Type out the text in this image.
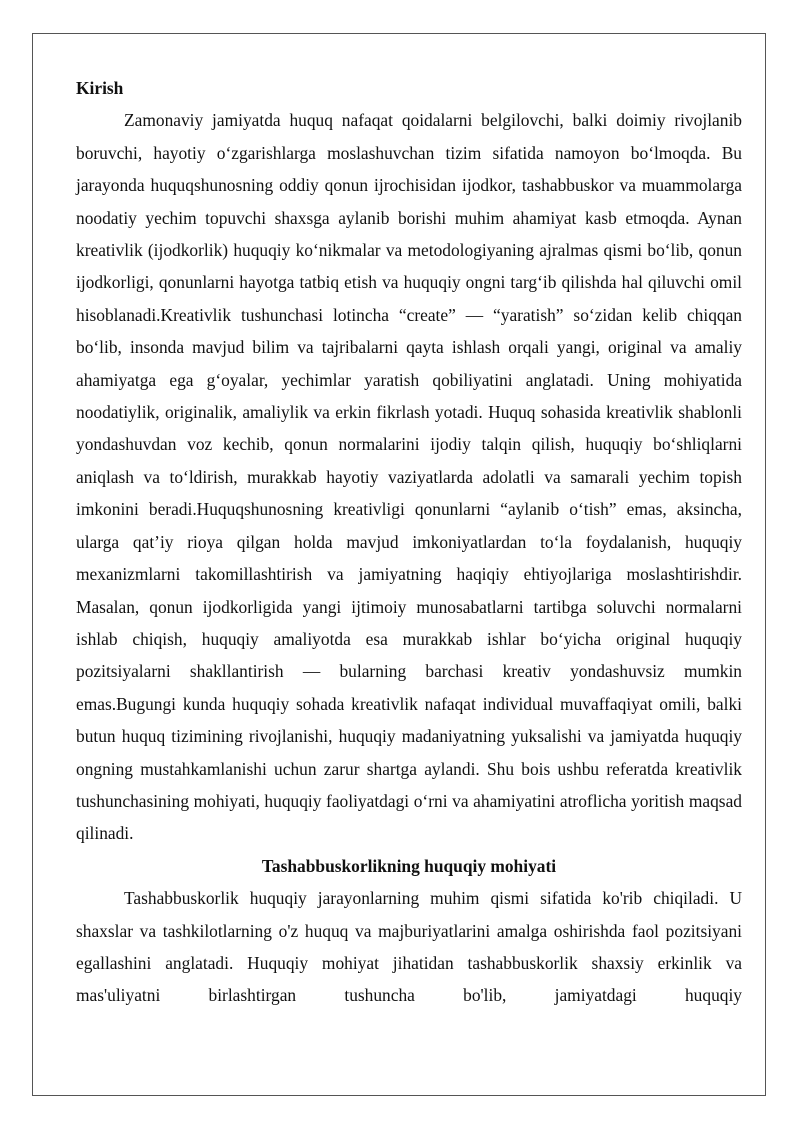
Kirish

Zamonaviy jamiyatda huquq nafaqat qoidalarni belgilovchi, balki doimiy rivojlanib boruvchi, hayotiy o‘zgarishlarga moslashuvchan tizim sifatida namoyon bo‘lmoqda. Bu jarayonda huquqshunosning oddiy qonun ijrochisidan ijodkor, tashabbuskor va muammolarga noodatiy yechim topuvchi shaxsga aylanib borishi muhim ahamiyat kasb etmoqda. Aynan kreativlik (ijodkorlik) huquqiy ko‘nikmalar va metodologiyaning ajralmas qismi bo‘lib, qonun ijodkorligi, qonunlarni hayotga tatbiq etish va huquqiy ongni targ‘ib qilishda hal qiluvchi omil hisoblanadi.Kreativlik tushunchasi lotincha “create” — “yaratish” so‘zidan kelib chiqqan bo‘lib, insonda mavjud bilim va tajribalarni qayta ishlash orqali yangi, original va amaliy ahamiyatga ega g‘oyalar, yechimlar yaratish qobiliyatini anglatadi. Uning mohiyatida noodatiylik, originalik, amaliylik va erkin fikrlash yotadi. Huquq sohasida kreativlik shablonli yondashuvdan voz kechib, qonun normalarini ijodiy talqin qilish, huquqiy bo‘shliqlarni aniqlash va to‘ldirish, murakkab hayotiy vaziyatlarda adolatli va samarali yechim topish imkonini beradi.Huquqshunosning kreativligi qonunlarni “aylanib o‘tish” emas, aksincha, ularga qat’iy rioya qilgan holda mavjud imkoniyatlardan to‘la foydalanish, huquqiy mexanizmlarni takomillashtirish va jamiyatning haqiqiy ehtiyojlariga moslashtirishdir. Masalan, qonun ijodkorligida yangi ijtimoiy munosabatlarni tartibga soluvchi normalarni ishlab chiqish, huquqiy amaliyotda esa murakkab ishlar bo‘yicha original huquqiy pozitsiyalarni shakllantirish — bularning barchasi kreativ yondashuvsiz mumkin emas.Bugungi kunda huquqiy sohada kreativlik nafaqat individual muvaffaqiyat omili, balki butun huquq tizimining rivojlanishi, huquqiy madaniyatning yuksalishi va jamiyatda huquqiy ongning mustahkamlanishi uchun zarur shartga aylandi. Shu bois ushbu referatda kreativlik tushunchasining mohiyati, huquqiy faoliyatdagi o‘rni va ahamiyatini atroflicha yoritish maqsad qilinadi.

Tashabbuskorlikning huquqiy mohiyati

Tashabbuskorlik huquqiy jarayonlarning muhim qismi sifatida ko'rib chiqiladi. U shaxslar va tashkilotlarning o'z huquq va majburiyatlarini amalga oshirishda faol pozitsiyani egallashini anglatadi. Huquqiy mohiyat jihatidan tashabbuskorlik shaxsiy erkinlik va mas'uliyatni birlashtirgan tushuncha bo'lib, jamiyatdagi huquqiy
